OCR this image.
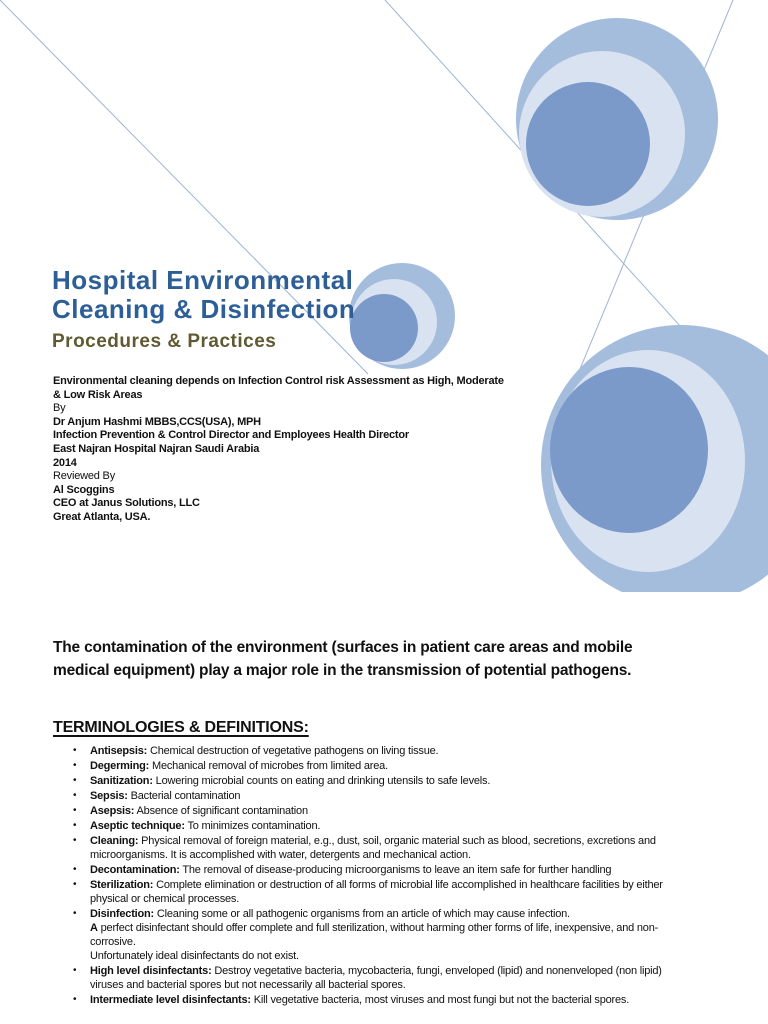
Hospital Environmental
Cleaning & Disinfection
Procedures & Practices
Environmental cleaning depends on Infection Control risk Assessment as High, Moderate & Low Risk Areas
By
Dr Anjum Hashmi MBBS,CCS(USA), MPH
Infection Prevention & Control Director and Employees Health Director
East Najran Hospital Najran Saudi Arabia
2014
Reviewed By
Al Scoggins
CEO at Janus Solutions, LLC
Great Atlanta, USA.
The contamination of the environment (surfaces in patient care areas and mobile medical equipment) play a major role in the transmission of potential pathogens.
TERMINOLOGIES & DEFINITIONS:
• Antisepsis: Chemical destruction of vegetative pathogens on living tissue.
• Degerming: Mechanical removal of microbes from limited area.
• Sanitization: Lowering microbial counts on eating and drinking utensils to safe levels.
• Sepsis: Bacterial contamination
• Asepsis: Absence of significant contamination
• Aseptic technique: To minimizes contamination.
• Cleaning: Physical removal of foreign material, e.g., dust, soil, organic material such as blood, secretions, excretions and microorganisms. It is accomplished with water, detergents and mechanical action.
• Decontamination: The removal of disease-producing microorganisms to leave an item safe for further handling
• Sterilization: Complete elimination or destruction of all forms of microbial life accomplished in healthcare facilities by either physical or chemical processes.
• Disinfection: Cleaning some or all pathogenic organisms from an article of which may cause infection.
A perfect disinfectant should offer complete and full sterilization, without harming other forms of life, inexpensive, and non-corrosive.
Unfortunately ideal disinfectants do not exist.
• High level disinfectants: Destroy vegetative bacteria, mycobacteria, fungi, enveloped (lipid) and nonenveloped (non lipid) viruses and bacterial spores but not necessarily all bacterial spores.
• Intermediate level disinfectants: Kill vegetative bacteria, most viruses and most fungi but not the bacterial spores.
